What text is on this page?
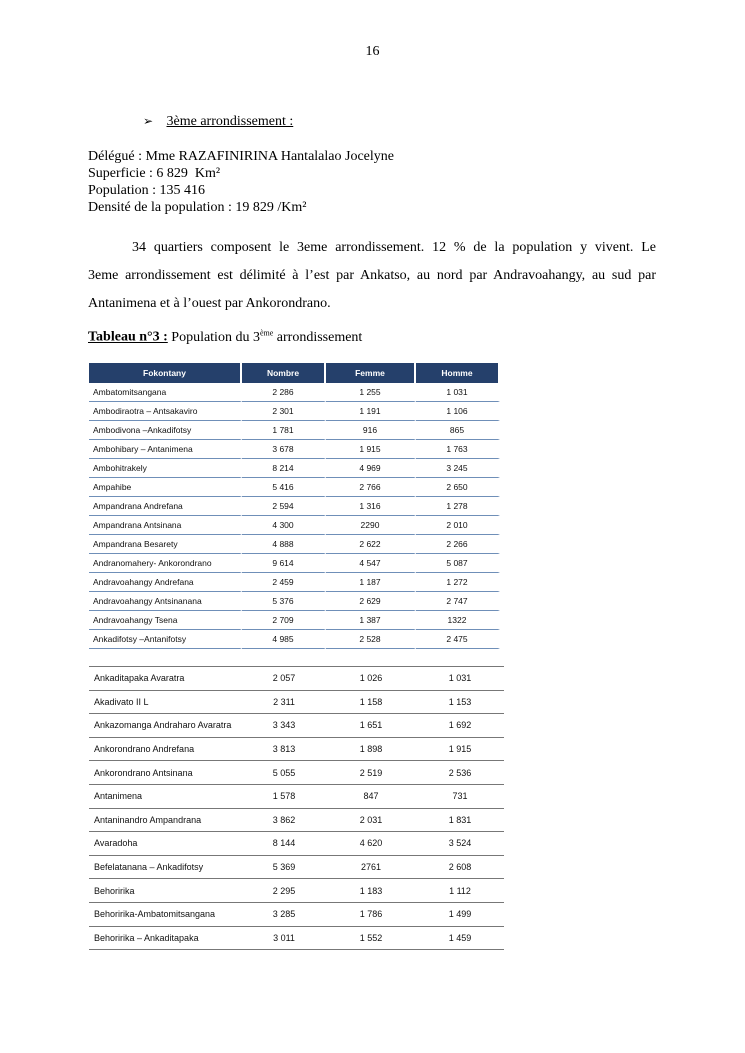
16
➢ 3ème arrondissement :
Délégué : Mme RAZAFINIRINA Hantalalao Jocelyne
Superficie : 6 829  Km²
Population : 135 416
Densité de la population : 19 829 /Km²
34 quartiers composent le 3eme arrondissement. 12 % de la population y vivent. Le
3eme arrondissement est délimité à l’est par Ankatso, au nord par Andravoahangy, au sud par
Antanimena et à l’ouest par Ankorondrano.
Tableau n°3 : Population du 3ème arrondissement
Fokontany	Nombre	Femme	Homme
Ambatomitsangana	2 286	1 255	1 031
Ambodiraotra – Antsakaviro	2 301	1 191	1 106
Ambodivona –Ankadifotsy	1 781	916	865
Ambohibary – Antanimena	3 678	1 915	1 763
Ambohitrakely	8 214	4 969	3 245
Ampahibe	5 416	2 766	2 650
Ampandrana Andrefana	2 594	1 316	1 278
Ampandrana Antsinana	4 300	2290	2 010
Ampandrana Besarety	4 888	2 622	2 266
Andranomahery- Ankorondrano	9 614	4 547	5 087
Andravoahangy Andrefana	2 459	1 187	1 272
Andravoahangy Antsinanana	5 376	2 629	2 747
Andravoahangy Tsena	2 709	1 387	1322
Ankadifotsy –Antanifotsy	4 985	2 528	2 475
Ankaditapaka Avaratra	2 057	1 026	1 031
Akadivato II L	2 311	1 158	1 153
Ankazomanga Andraharo Avaratra	3 343	1 651	1 692
Ankorondrano Andrefana	3 813	1 898	1 915
Ankorondrano Antsinana	5 055	2 519	2 536
Antanimena	1 578	847	731
Antaninandro Ampandrana	3 862	2 031	1 831
Avaradoha	8 144	4 620	3 524
Befelatanana – Ankadifotsy	5 369	2761	2 608
Behoririka	2 295	1 183	1 112
Behoririka-Ambatomitsangana	3 285	1 786	1 499
Behoririka – Ankaditapaka	3 011	1 552	1 459
